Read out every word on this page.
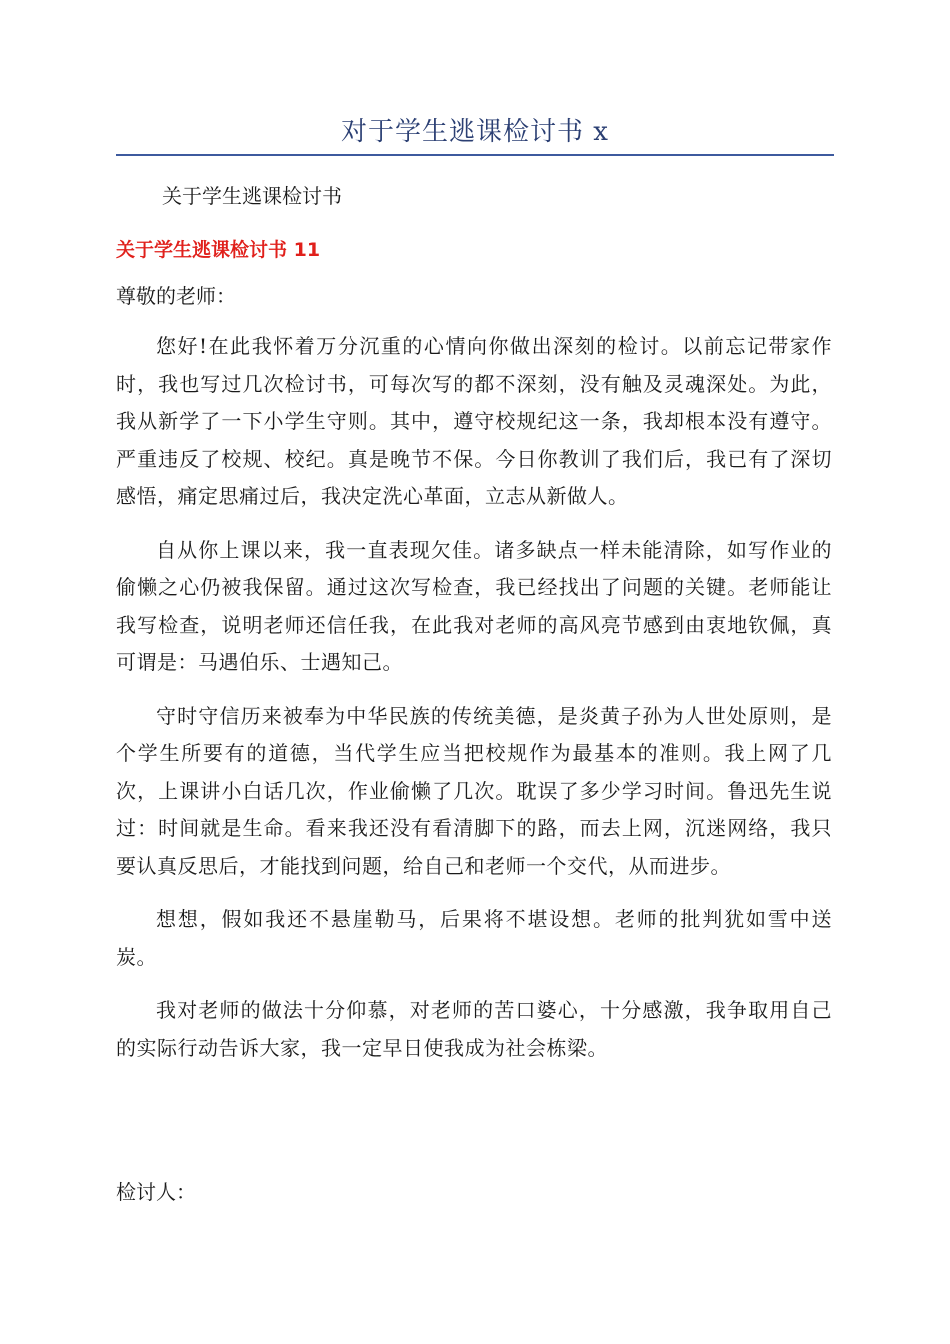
对于学生逃课检讨书 x

关于学生逃课检讨书

关于学生逃课检讨书 11

尊敬的老师：

您好!在此我怀着万分沉重的心情向你做出深刻的检讨。以前忘记带家作时，我也写过几次检讨书，可每次写的都不深刻，没有触及灵魂深处。为此，我从新学了一下小学生守则。其中，遵守校规纪这一条，我却根本没有遵守。严重违反了校规、校纪。真是晚节不保。今日你教训了我们后，我已有了深切感悟，痛定思痛过后，我决定洗心革面，立志从新做人。

自从你上课以来，我一直表现欠佳。诸多缺点一样未能清除，如写作业的偷懒之心仍被我保留。通过这次写检查，我已经找出了问题的关键。老师能让我写检查，说明老师还信任我，在此我对老师的高风亮节感到由衷地钦佩，真可谓是：马遇伯乐、士遇知己。

守时守信历来被奉为中华民族的传统美德，是炎黄子孙为人世处原则，是个学生所要有的道德，当代学生应当把校规作为最基本的准则。我上网了几次，上课讲小白话几次，作业偷懒了几次。耽误了多少学习时间。鲁迅先生说过：时间就是生命。看来我还没有看清脚下的路，而去上网，沉迷网络，我只要认真反思后，才能找到问题，给自己和老师一个交代，从而进步。

想想，假如我还不悬崖勒马，后果将不堪设想。老师的批判犹如雪中送炭。

我对老师的做法十分仰慕，对老师的苦口婆心，十分感激，我争取用自己的实际行动告诉大家，我一定早日使我成为社会栋梁。

检讨人：
